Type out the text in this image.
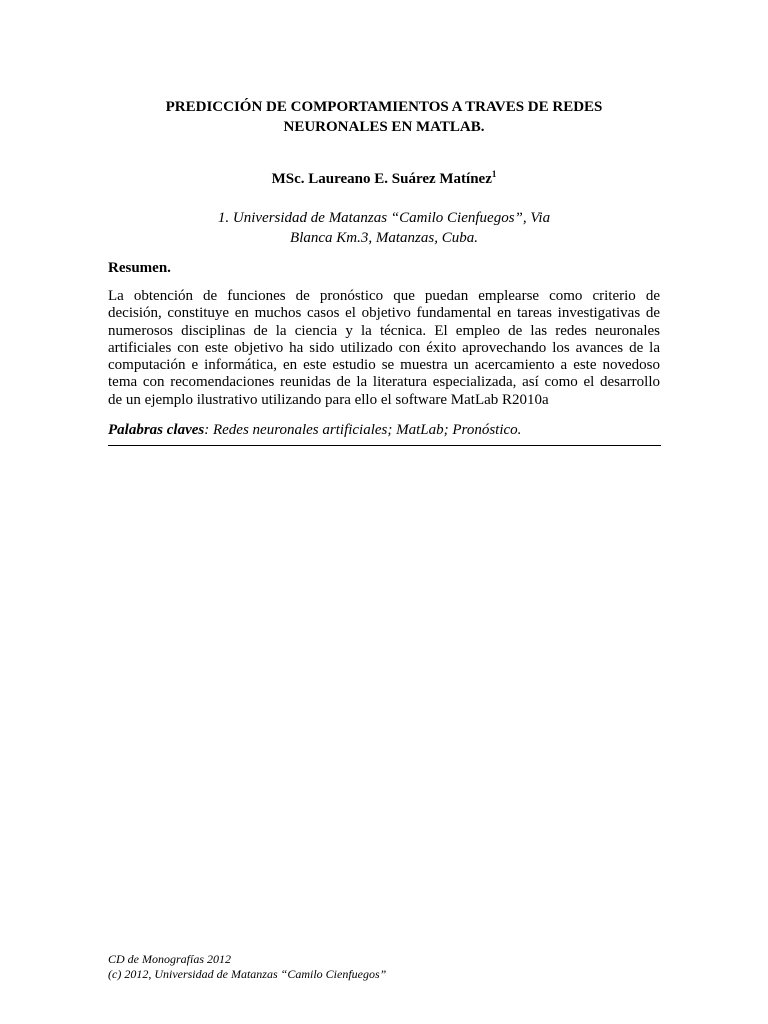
PREDICCIÓN DE COMPORTAMIENTOS A TRAVES DE REDES
NEURONALES EN MATLAB.
MSc. Laureano E. Suárez Matínez$^1$
1. Universidad de Matanzas “Camilo Cienfuegos”, Via
Blanca Km.3, Matanzas, Cuba.
Resumen.
La obtención de funciones de pronóstico que puedan emplearse como criterio de
decisión, constituye en muchos casos el objetivo fundamental en tareas investigativas de
numerosos disciplinas de la ciencia y la técnica. El empleo de las redes neuronales
artificiales con este objetivo ha sido utilizado con éxito aprovechando los avances de la
computación e informática, en este estudio se muestra un acercamiento a este novedoso
tema con recomendaciones reunidas de la literatura especializada, así como el desarrollo
de un ejemplo ilustrativo utilizando para ello el software MatLab R2010a
Palabras claves: Redes neuronales artificiales; MatLab; Pronóstico.
CD de Monografías 2012
(c) 2012, Universidad de Matanzas “Camilo Cienfuegos”
